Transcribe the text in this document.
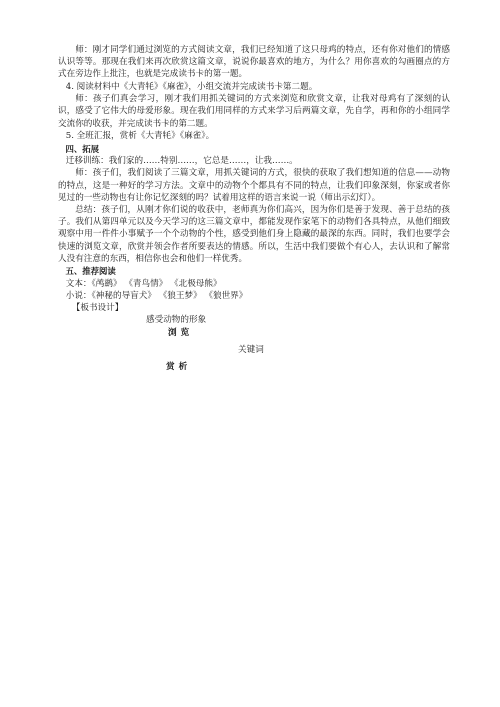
师：刚才同学们通过浏览的方式阅读文章，我们已经知道了这只母鸡的特点，还有你对他们的情感认识等等。那现在我们来再次欣赏这篇文章，说说你最喜欢的地方，为什么？用你喜欢的勾画圈点的方式在旁边作上批注，也就是完成读书卡的第一题。

4. 阅读材料中《大青牦》《麻雀》，小组交流并完成读书卡第二题。

师：孩子们真会学习，刚才我们用抓关键词的方式来浏览和欣赏文章，让我对母鸡有了深刻的认识，感受了它伟大的母爱形象。现在我们用同样的方式来学习后两篇文章，先自学，再和你的小组同学交流你的收获，并完成读书卡的第二题。

5. 全班汇报，赏析《大青牦》《麻雀》。

四、拓展

迁移训练：我们家的……特别……，它总是……，让我……。

师：孩子们，我们阅读了三篇文章，用抓关键词的方式，很快的获取了我们想知道的信息——动物的特点，这是一种好的学习方法。文章中的动物个个都具有不同的特点，让我们印象深刻，你家或者你见过的一些动物也有让你记忆深刻的吗？试着用这样的语言来说一说（师出示幻灯）。

总结：孩子们，从刚才你们说的收获中，老师真为你们高兴，因为你们是善于发现、善于总结的孩子。我们从第四单元以及今天学习的这三篇文章中，都能发现作家笔下的动物们各具特点，从他们细致观察中用一件件小事赋予一个个动物的个性，感受到他们身上隐藏的最深的东西。同时，我们也要学会快速的浏览文章，欣赏并领会作者所要表达的情感。所以，生活中我们要做个有心人，去认识和了解常人没有注意的东西，相信你也会和他们一样优秀。

五、推荐阅读

文本：《鸬鹚》 《青鸟情》 《北极母熊》

小说：《神秘的导盲犬》 《狼王梦》 《狼世界》

【板书设计】

感受动物的形象
浏览
关键词
赏析
